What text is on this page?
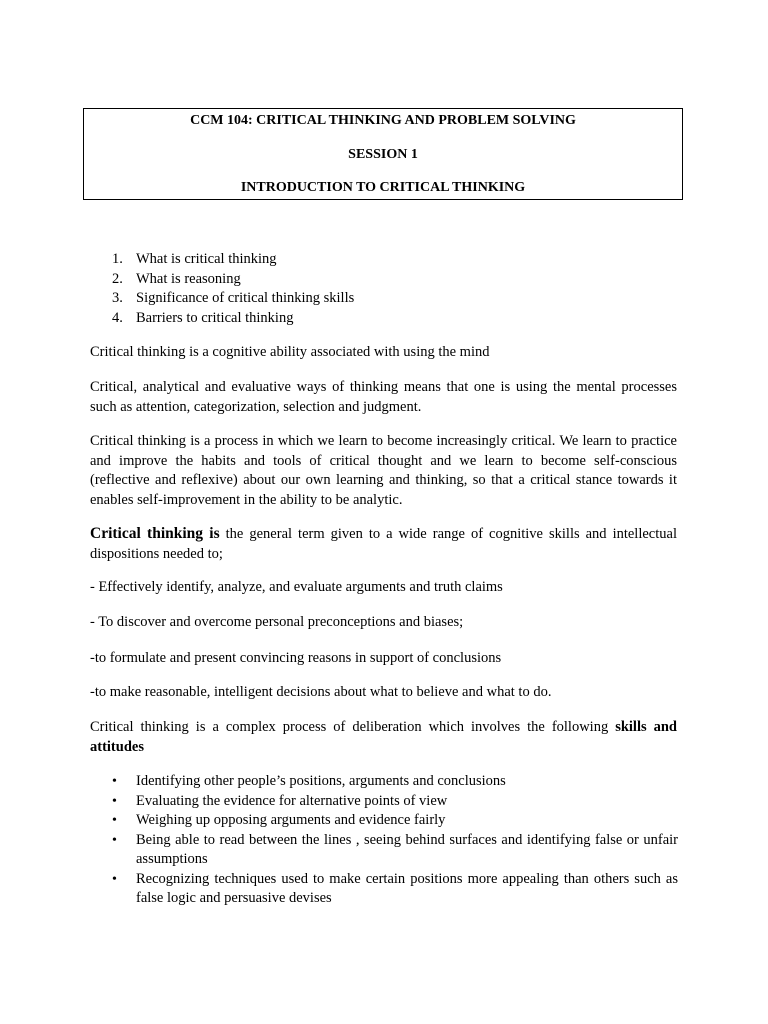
CCM 104: CRITICAL THINKING AND PROBLEM SOLVING
SESSION 1
INTRODUCTION TO CRITICAL THINKING
1. What is critical thinking
2. What is reasoning
3. Significance of critical thinking skills
4. Barriers to critical thinking

Critical thinking is a cognitive ability associated with using the mind

Critical, analytical and evaluative ways of thinking means that one is using the mental processes such as attention, categorization, selection and judgment.

Critical thinking is a process in which we learn to become increasingly critical. We learn to practice and improve the habits and tools of critical thought and we learn to become self-conscious (reflective and reflexive) about our own learning and thinking, so that a critical stance towards it enables self-improvement in the ability to be analytic.

Critical thinking is the general term given to a wide range of cognitive skills and intellectual dispositions needed to;

- Effectively identify, analyze, and evaluate arguments and truth claims

- To discover and overcome personal preconceptions and biases;

-to formulate and present convincing reasons in support of conclusions

-to make reasonable, intelligent decisions about what to believe and what to do.

Critical thinking is a complex process of deliberation which involves the following skills and attitudes

• Identifying other people’s positions, arguments and conclusions
• Evaluating the evidence for alternative points of view
• Weighing up opposing arguments and evidence fairly
• Being able to read between the lines , seeing behind surfaces and identifying false or unfair assumptions
• Recognizing techniques used to make certain positions more appealing than others such as false logic and persuasive devises
